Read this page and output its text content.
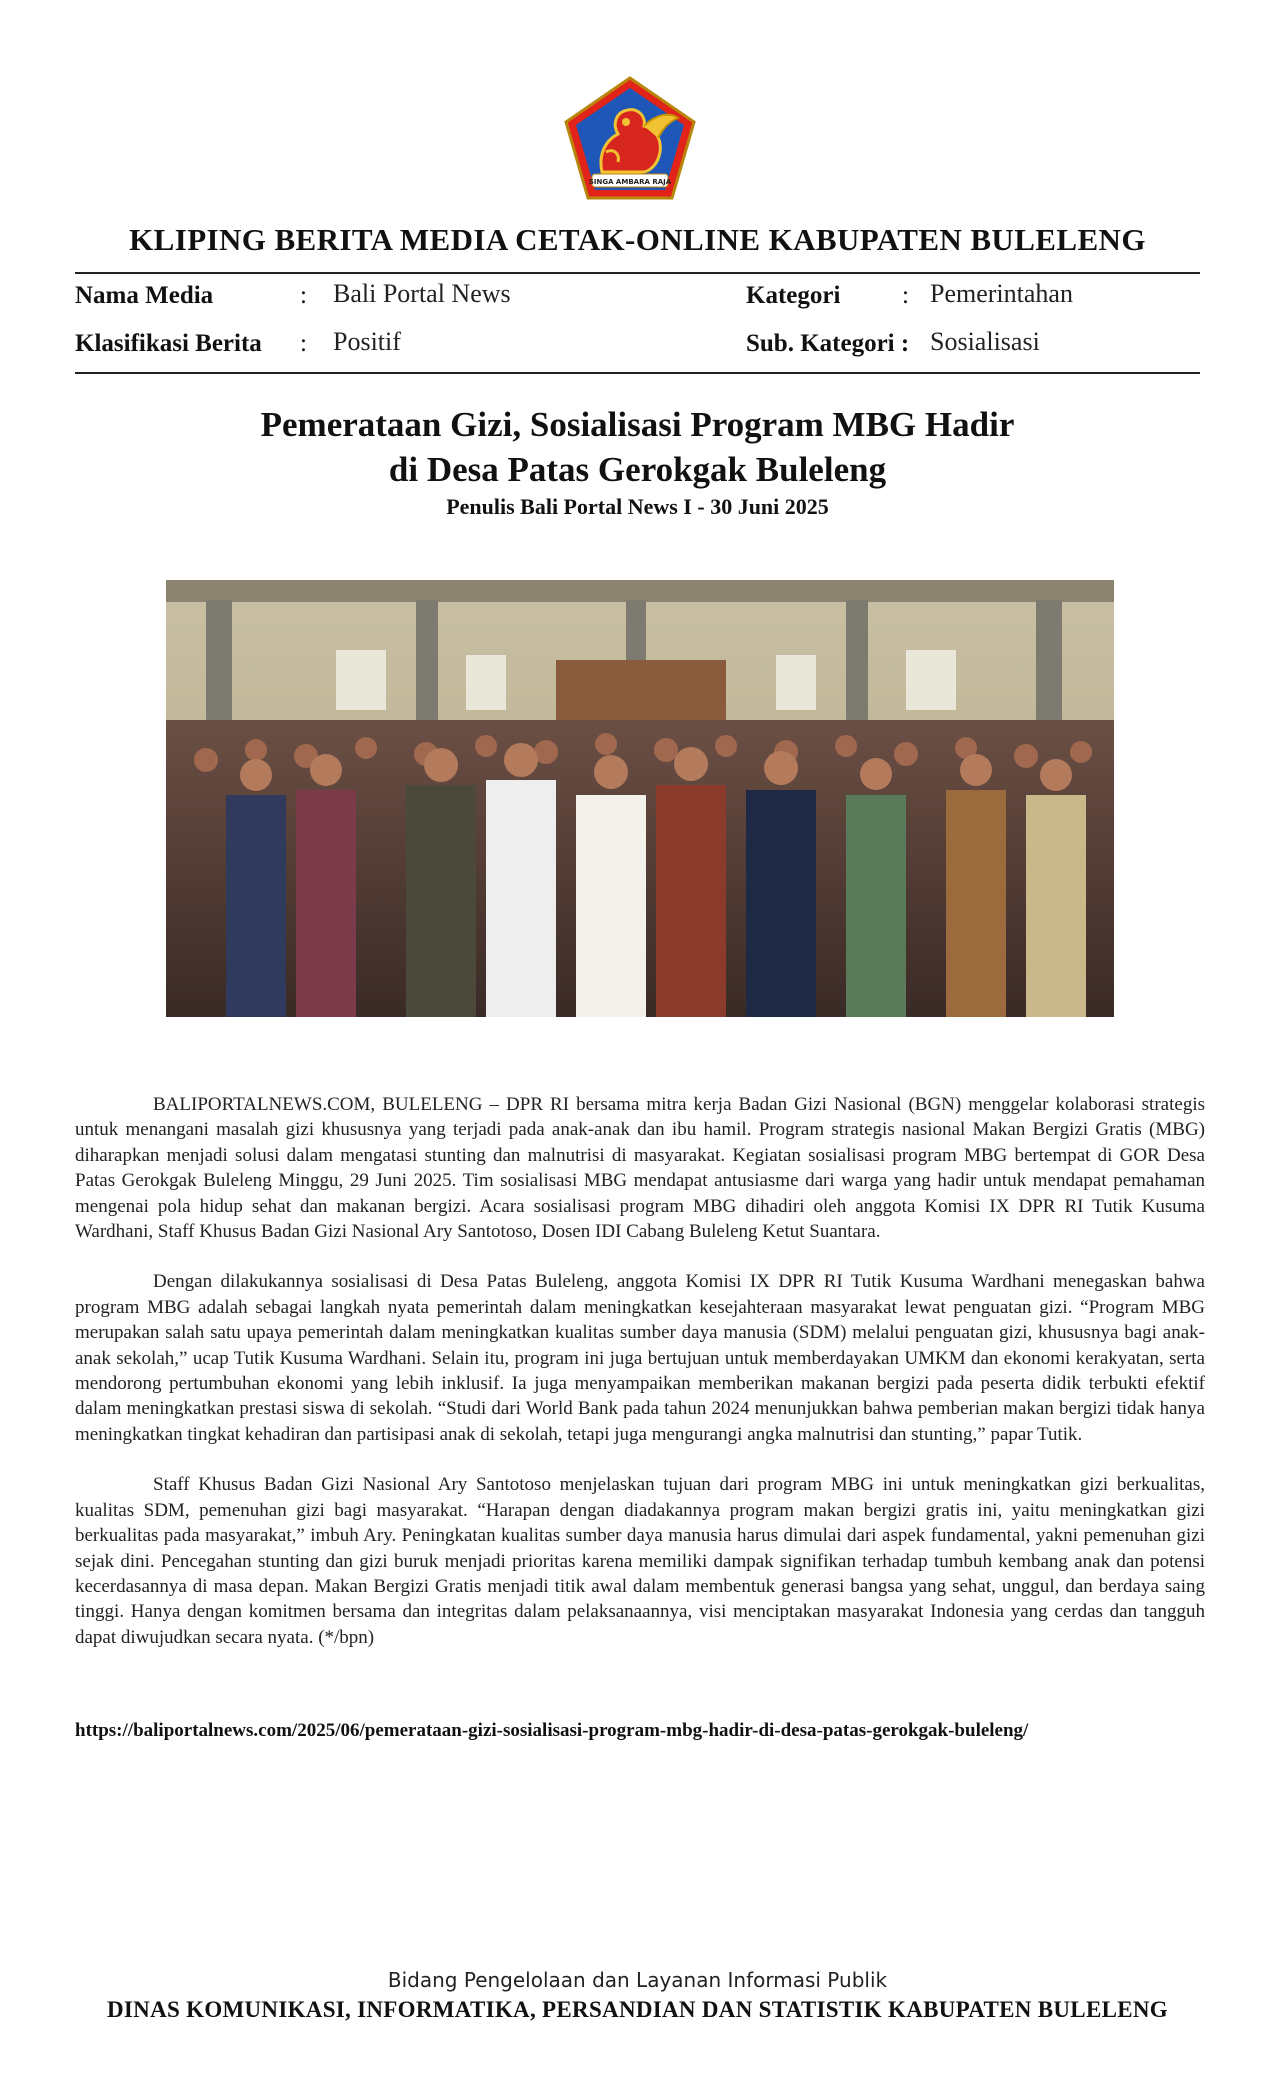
SINGA AMBARA RAJA
KLIPING BERITA MEDIA CETAK-ONLINE KABUPATEN BULELENG
Nama Media	: Bali Portal News	Kategori : Pemerintahan
Klasifikasi Berita : Positif	Sub. Kategori : Sosialisasi
Pemerataan Gizi, Sosialisasi Program MBG Hadir
di Desa Patas Gerokgak Buleleng
Penulis Bali Portal News I - 30 Juni 2025

BALIPORTALNEWS.COM, BULELENG – DPR RI bersama mitra kerja Badan Gizi Nasional (BGN) menggelar kolaborasi strategis untuk menangani masalah gizi khususnya yang terjadi pada anak-anak dan ibu hamil. Program strategis nasional Makan Bergizi Gratis (MBG) diharapkan menjadi solusi dalam mengatasi stunting dan malnutrisi di masyarakat. Kegiatan sosialisasi program MBG bertempat di GOR Desa Patas Gerokgak Buleleng Minggu, 29 Juni 2025. Tim sosialisasi MBG mendapat antusiasme dari warga yang hadir untuk mendapat pemahaman mengenai pola hidup sehat dan makanan bergizi. Acara sosialisasi program MBG dihadiri oleh anggota Komisi IX DPR RI Tutik Kusuma Wardhani, Staff Khusus Badan Gizi Nasional Ary Santotoso, Dosen IDI Cabang Buleleng Ketut Suantara.

Dengan dilakukannya sosialisasi di Desa Patas Buleleng, anggota Komisi IX DPR RI Tutik Kusuma Wardhani menegaskan bahwa program MBG adalah sebagai langkah nyata pemerintah dalam meningkatkan kesejahteraan masyarakat lewat penguatan gizi. “Program MBG merupakan salah satu upaya pemerintah dalam meningkatkan kualitas sumber daya manusia (SDM) melalui penguatan gizi, khususnya bagi anak-anak sekolah,” ucap Tutik Kusuma Wardhani. Selain itu, program ini juga bertujuan untuk memberdayakan UMKM dan ekonomi kerakyatan, serta mendorong pertumbuhan ekonomi yang lebih inklusif. Ia juga menyampaikan memberikan makanan bergizi pada peserta didik terbukti efektif dalam meningkatkan prestasi siswa di sekolah. “Studi dari World Bank pada tahun 2024 menunjukkan bahwa pemberian makan bergizi tidak hanya meningkatkan tingkat kehadiran dan partisipasi anak di sekolah, tetapi juga mengurangi angka malnutrisi dan stunting,” papar Tutik.

Staff Khusus Badan Gizi Nasional Ary Santotoso menjelaskan tujuan dari program MBG ini untuk meningkatkan gizi berkualitas, kualitas SDM, pemenuhan gizi bagi masyarakat. “Harapan dengan diadakannya program makan bergizi gratis ini, yaitu meningkatkan gizi berkualitas pada masyarakat,” imbuh Ary. Peningkatan kualitas sumber daya manusia harus dimulai dari aspek fundamental, yakni pemenuhan gizi sejak dini. Pencegahan stunting dan gizi buruk menjadi prioritas karena memiliki dampak signifikan terhadap tumbuh kembang anak dan potensi kecerdasannya di masa depan. Makan Bergizi Gratis menjadi titik awal dalam membentuk generasi bangsa yang sehat, unggul, dan berdaya saing tinggi. Hanya dengan komitmen bersama dan integritas dalam pelaksanaannya, visi menciptakan masyarakat Indonesia yang cerdas dan tangguh dapat diwujudkan secara nyata. (*/bpn)

https://baliportalnews.com/2025/06/pemerataan-gizi-sosialisasi-program-mbg-hadir-di-desa-patas-gerokgak-buleleng/
Bidang Pengelolaan dan Layanan Informasi Publik
DINAS KOMUNIKASI, INFORMATIKA, PERSANDIAN DAN STATISTIK KABUPATEN BULELENG
